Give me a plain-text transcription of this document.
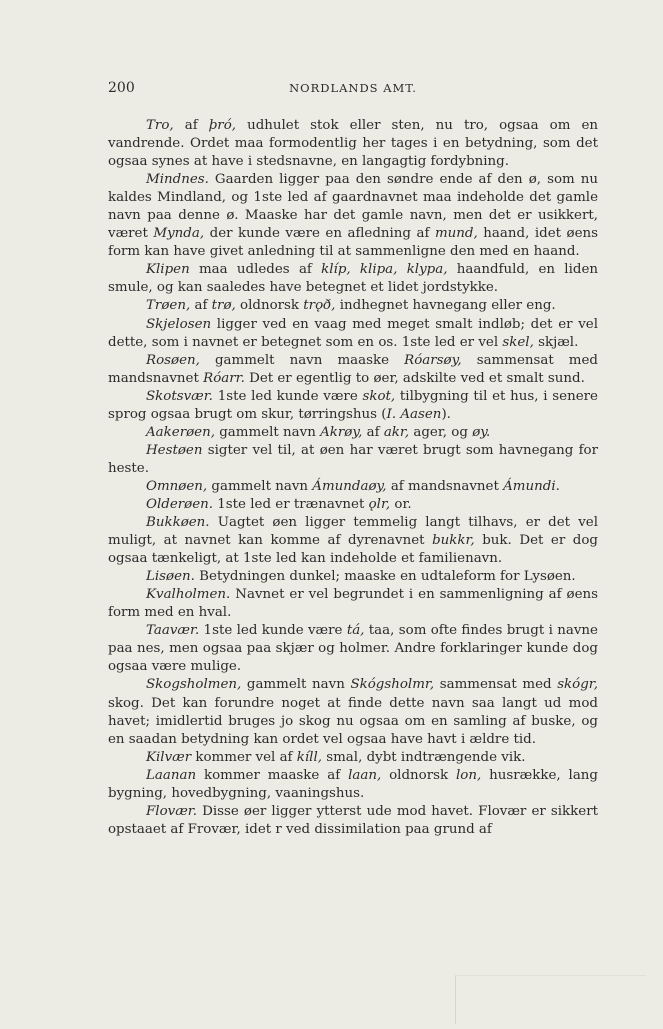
200	NORDLANDS AMT.

Tro, af þró, udhulet stok eller sten, nu tro, ogsaa om en vandrende. Ordet maa formodentlig her tages i en betydning, som det ogsaa synes at have i stedsnavne, en langagtig fordybning.

Mindnes. Gaarden ligger paa den søndre ende af den ø, som nu kaldes Mindland, og 1ste led af gaardnavnet maa indeholde det gamle navn paa denne ø. Maaske har det gamle navn, men det er usikkert, været Mynda, der kunde være en afledning af mund, haand, idet øens form kan have givet anledning til at sammenligne den med en haand.

Klipen maa udledes af klíp, klipa, klypa, haandfuld, en liden smule, og kan saaledes have betegnet et lidet jordstykke.

Trøen, af trø, oldnorsk trǫð, indhegnet havnegang eller eng.

Skjelosen ligger ved en vaag med meget smalt indløb; det er vel dette, som i navnet er betegnet som en os. 1ste led er vel skel, skjæl.

Rosøen, gammelt navn maaske Róarsøy, sammensat med mandsnavnet Róarr. Det er egentlig to øer, adskilte ved et smalt sund.

Skotsvær. 1ste led kunde være skot, tilbygning til et hus, i senere sprog ogsaa brugt om skur, tørringshus (I. Aasen).

Aakerøen, gammelt navn Akrøy, af akr, ager, og øy.

Hestøen sigter vel til, at øen har været brugt som havnegang for heste.

Omnøen, gammelt navn Ámundaøy, af mandsnavnet Ámundi.

Olderøen. 1ste led er trænavnet ǫlr, or.

Bukkøen. Uagtet øen ligger temmelig langt tilhavs, er det vel muligt, at navnet kan komme af dyrenavnet bukkr, buk. Det er dog ogsaa tænkeligt, at 1ste led kan indeholde et familienavn.

Lisøen. Betydningen dunkel; maaske en udtaleform for Lysøen.

Kvalholmen. Navnet er vel begrundet i en sammenligning af øens form med en hval.

Taavær. 1ste led kunde være tá, taa, som ofte findes brugt i navne paa nes, men ogsaa paa skjær og holmer. Andre forklaringer kunde dog ogsaa være mulige.

Skogsholmen, gammelt navn Skógsholmr, sammensat med skógr, skog. Det kan forundre noget at finde dette navn saa langt ud mod havet; imidlertid bruges jo skog nu ogsaa om en samling af buske, og en saadan betydning kan ordet vel ogsaa have havt i ældre tid.

Kilvær kommer vel af kíll, smal, dybt indtrængende vik.

Laanan kommer maaske af laan, oldnorsk lon, husrække, lang bygning, hovedbygning, vaaningshus.

Flovær. Disse øer ligger ytterst ude mod havet. Flovær er sikkert opstaaet af Frovær, idet r ved dissimilation paa grund af
